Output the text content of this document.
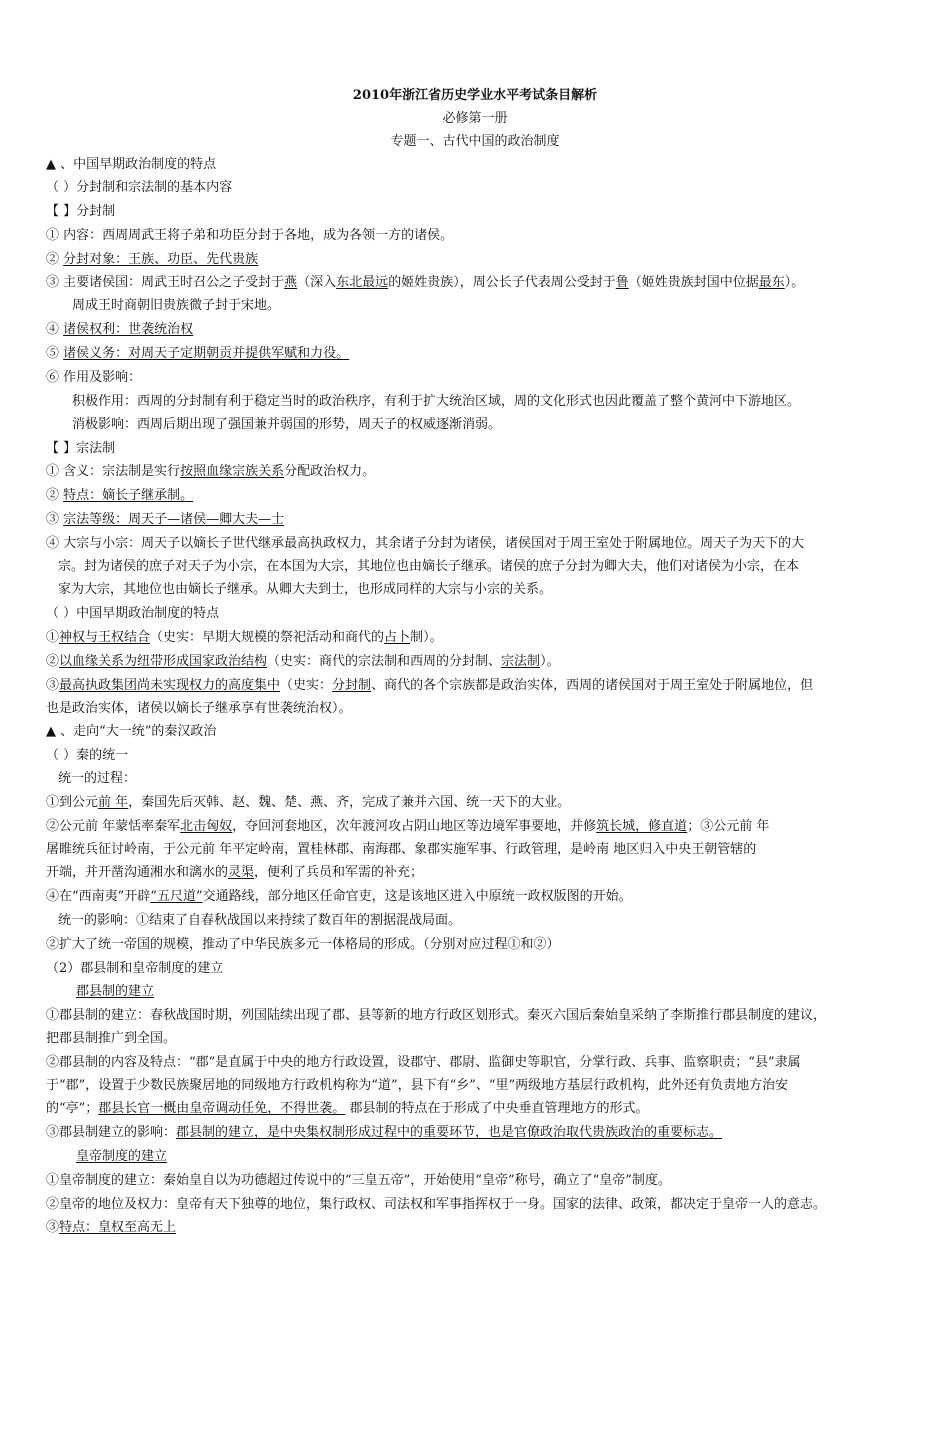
2010年浙江省历史学业水平考试条目解析
必修第一册
专题一、古代中国的政治制度
▲ 、中国早期政治制度的特点
（ ）分封制和宗法制的基本内容
【 】分封制
① 内容：西周周武王将子弟和功臣分封于各地，成为各领一方的诸侯。
② 分封对象：王族、功臣、先代贵族
③ 主要诸侯国：周武王时召公之子受封于燕（深入东北最远的姬姓贵族），周公长子代表周公受封于鲁（姬姓贵族封国中位据最东）。
周成王时商朝旧贵族微子封于宋地。
④ 诸侯权利：世袭统治权
⑤ 诸侯义务：对周天子定期朝贡并提供军赋和力役。
⑥ 作用及影响：
积极作用：西周的分封制有利于稳定当时的政治秩序，有利于扩大统治区域，周的文化形式也因此覆盖了整个黄河中下游地区。
消极影响：西周后期出现了强国兼并弱国的形势，周天子的权威逐渐消弱。
【 】宗法制
① 含义：宗法制是实行按照血缘宗族关系分配政治权力。
② 特点：嫡长子继承制。
③ 宗法等级：周天子—诸侯—卿大夫—士
④ 大宗与小宗：周天子以嫡长子世代继承最高执政权力，其余诸子分封为诸侯，诸侯国对于周王室处于附属地位。周天子为天下的大
宗。封为诸侯的庶子对天子为小宗，在本国为大宗，其地位也由嫡长子继承。诸侯的庶子分封为卿大夫，他们对诸侯为小宗，在本
家为大宗，其地位也由嫡长子继承。从卿大夫到士，也形成同样的大宗与小宗的关系。
（ ）中国早期政治制度的特点
①神权与王权结合（史实：早期大规模的祭祀活动和商代的占卜制）。
②以血缘关系为纽带形成国家政治结构（史实：商代的宗法制和西周的分封制、宗法制）。
③最高执政集团尚未实现权力的高度集中（史实：分封制、商代的各个宗族都是政治实体，西周的诸侯国对于周王室处于附属地位，但
也是政治实体，诸侯以嫡长子继承享有世袭统治权）。
▲ 、走向“大一统”的秦汉政治
（ ）秦的统一
统一的过程：
①到公元前 年，秦国先后灭韩、赵、魏、楚、燕、齐，完成了兼并六国、统一天下的大业。
②公元前 年蒙恬率秦军北击匈奴，夺回河套地区，次年渡河攻占阴山地区等边境军事要地，并修筑长城，修直道；③公元前 年
屠睢统兵征讨岭南，于公元前 年平定岭南，置桂林郡、南海郡、象郡实施军事、行政管理，是岭南 地区归入中央王朝管辖的
开端，并开凿沟通湘水和漓水的灵渠，便利了兵员和军需的补充；
④在“西南夷”开辟“五尺道”交通路线，部分地区任命官吏，这是该地区进入中原统一政权版图的开始。
统一的影响：①结束了自春秋战国以来持续了数百年的割据混战局面。
②扩大了统一帝国的规模，推动了中华民族多元一体格局的形成。（分别对应过程①和②）
（2）郡县制和皇帝制度的建立
郡县制的建立
①郡县制的建立：春秋战国时期，列国陆续出现了郡、县等新的地方行政区划形式。秦灭六国后秦始皇采纳了李斯推行郡县制度的建议，
把郡县制推广到全国。
②郡县制的内容及特点：“郡”是直属于中央的地方行政设置，设郡守、郡尉、监御史等职官，分掌行政、兵事、监察职责；“县”隶属
于“郡”，设置于少数民族聚居地的同级地方行政机构称为“道”，县下有“乡”、“里”两级地方基层行政机构，此外还有负责地方治安
的“亭”；郡县长官一概由皇帝调动任免，不得世袭。 郡县制的特点在于形成了中央垂直管理地方的形式。
③郡县制建立的影响：郡县制的建立，是中央集权制形成过程中的重要环节，也是官僚政治取代贵族政治的重要标志。
皇帝制度的建立
①皇帝制度的建立：秦始皇自以为功德超过传说中的“三皇五帝”，开始使用“皇帝”称号，确立了“皇帝”制度。
②皇帝的地位及权力：皇帝有天下独尊的地位，集行政权、司法权和军事指挥权于一身。国家的法律、政策，都决定于皇帝一人的意志。
③特点：皇权至高无上
